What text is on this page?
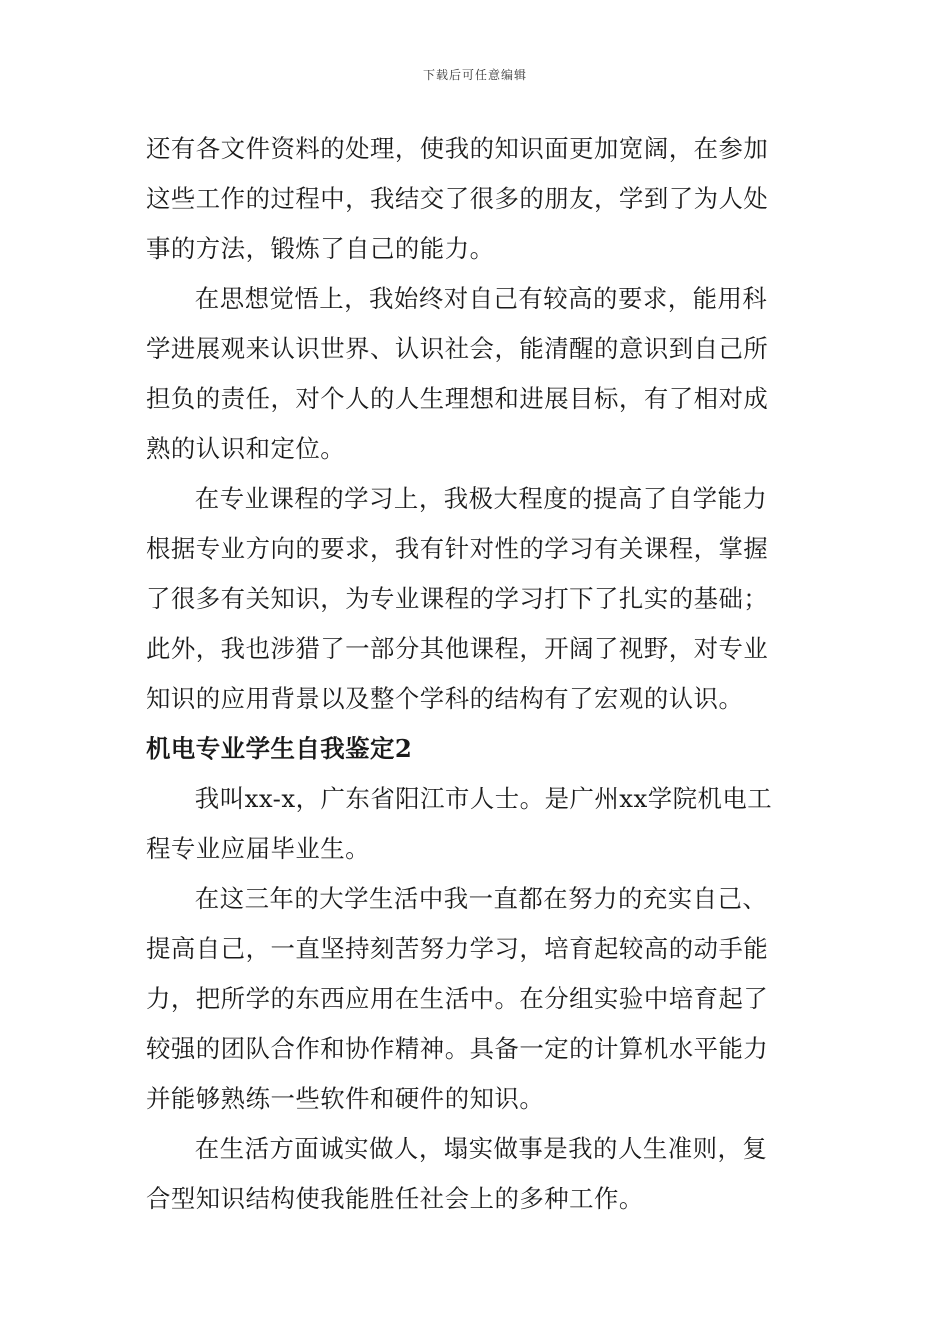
下载后可任意编辑

还有各文件资料的处理，使我的知识面更加宽阔，在参加
这些工作的过程中，我结交了很多的朋友，学到了为人处
事的方法，锻炼了自己的能力。

在思想觉悟上，我始终对自己有较高的要求，能用科
学进展观来认识世界、认识社会，能清醒的意识到自己所
担负的责任，对个人的人生理想和进展目标，有了相对成
熟的认识和定位。

在专业课程的学习上，我极大程度的提高了自学能力
根据专业方向的要求，我有针对性的学习有关课程，掌握
了很多有关知识，为专业课程的学习打下了扎实的基础；
此外，我也涉猎了一部分其他课程，开阔了视野，对专业
知识的应用背景以及整个学科的结构有了宏观的认识。

机电专业学生自我鉴定2

我叫xx-x，广东省阳江市人士。是广州xx学院机电工
程专业应届毕业生。

在这三年的大学生活中我一直都在努力的充实自己、
提高自己，一直坚持刻苦努力学习，培育起较高的动手能
力，把所学的东西应用在生活中。在分组实验中培育起了
较强的团队合作和协作精神。具备一定的计算机水平能力
并能够熟练一些软件和硬件的知识。

在生活方面诚实做人，塌实做事是我的人生准则，复
合型知识结构使我能胜任社会上的多种工作。
